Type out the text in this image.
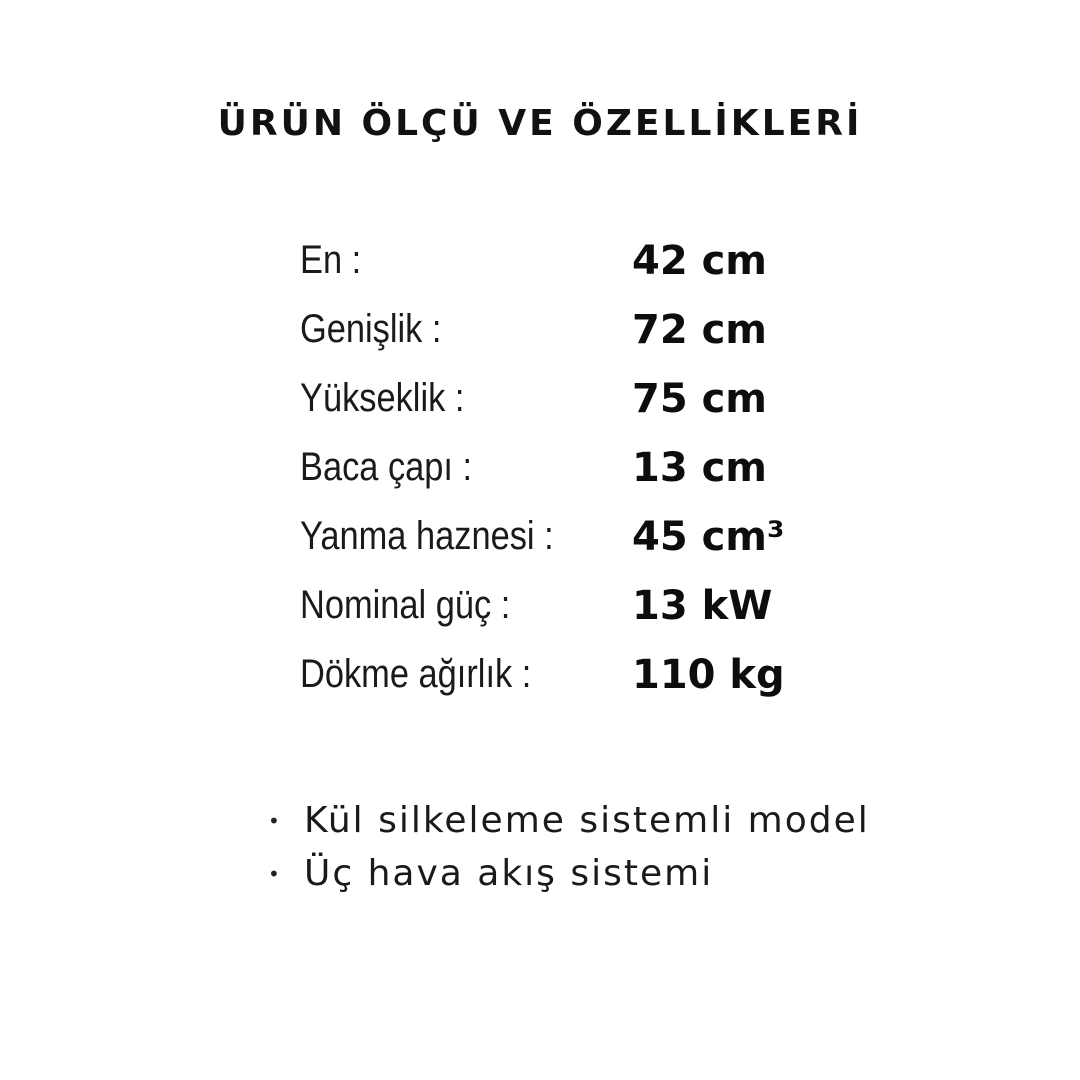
ÜRÜN ÖLÇÜ VE ÖZELLİKLERİ
En :	42 cm
Genişlik :	72 cm
Yükseklik :	75 cm
Baca çapı :	13 cm
Yanma haznesi :	45 cm³
Nominal güç :	13 kW
Dökme ağırlık :	110 kg
• Kül silkeleme sistemli model
• Üç hava akış sistemi
